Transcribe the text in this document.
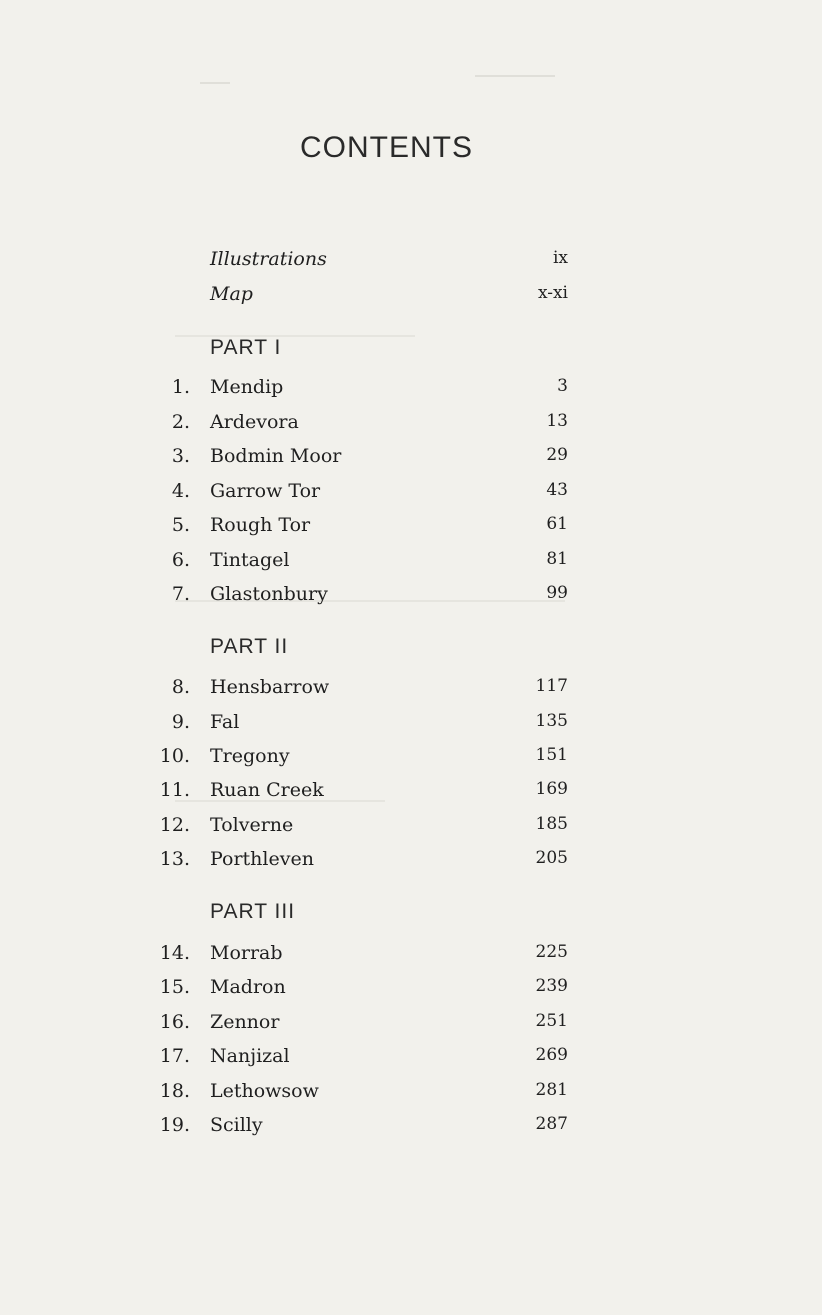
CONTENTS
Illustrations	ix
Map	x-xi
PART I
1. Mendip	3
2. Ardevora	13
3. Bodmin Moor	29
4. Garrow Tor	43
5. Rough Tor	61
6. Tintagel	81
7. Glastonbury	99
PART II
8. Hensbarrow	117
9. Fal	135
10. Tregony	151
11. Ruan Creek	169
12. Tolverne	185
13. Porthleven	205
PART III
14. Morrab	225
15. Madron	239
16. Zennor	251
17. Nanjizal	269
18. Lethowsow	281
19. Scilly	287
